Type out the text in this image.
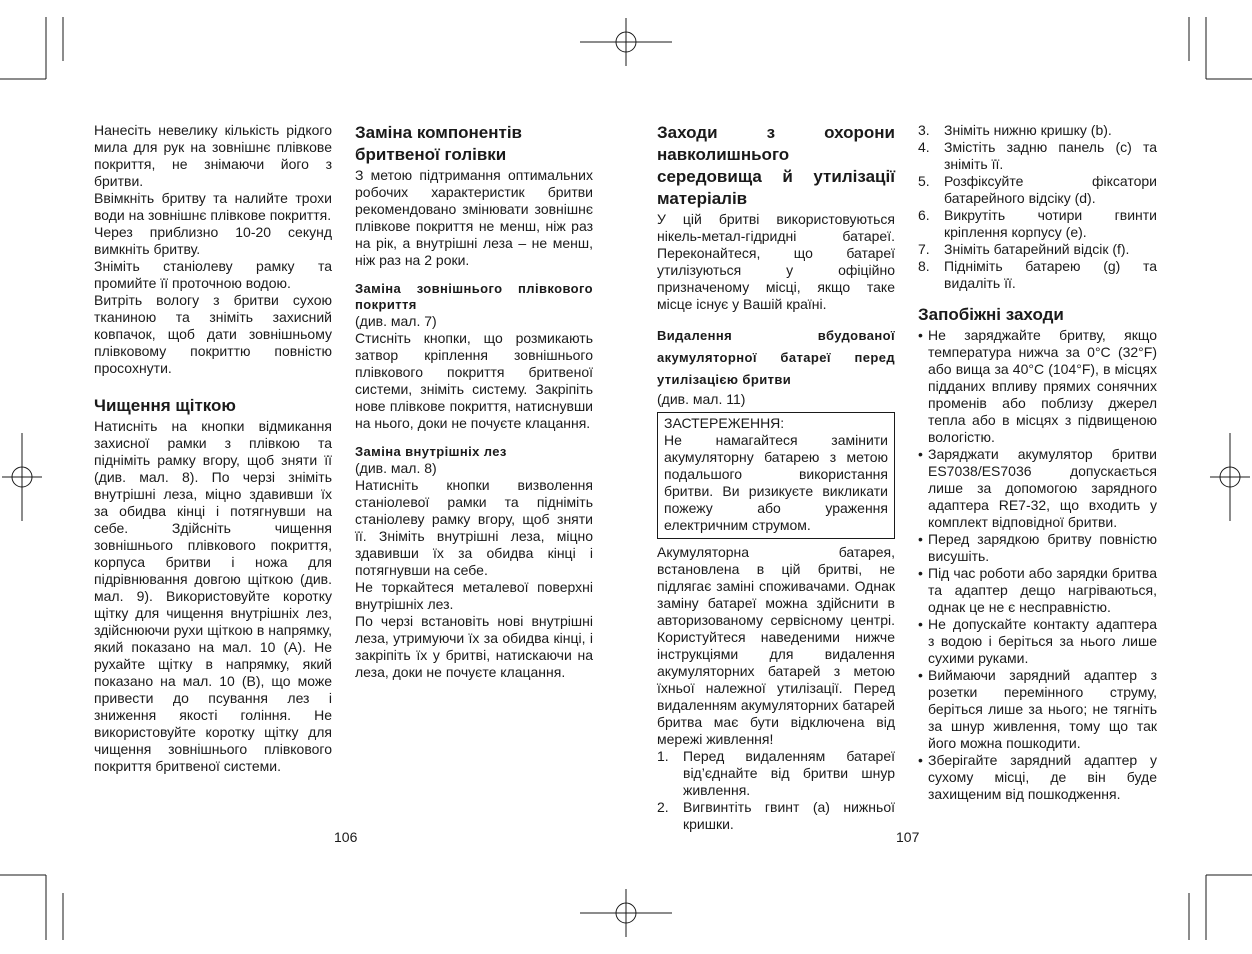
Нанесіть невелику кількість рідкого мила для рук на зовнішнє плівкове покриття, не знімаючи його з бритви.

Ввімкніть бритву та налийте трохи води на зовнішнє плівкове покриття.

Через приблизно 10-20 секунд вимкніть бритву.

Зніміть станіолеву рамку та промийте її проточною водою.

Витріть вологу з бритви сухою тканиною та зніміть захисний ковпачок, щоб дати зовнішньому плівковому покриттю повністю просохнути.

Чищення щіткою

Натисніть на кнопки відмикання захисної рамки з плівкою та підніміть рамку вгору, щоб зняти її (див. мал. 8). По черзі зніміть внутрішні леза, міцно здавивши їх за обидва кінці і потягнувши на себе. Здійсніть чищення зовнішнього плівкового покриття, корпуса бритви і ножа для підрівнювання довгою щіткою (див. мал. 9). Використовуйте коротку щітку для чищення внутрішніх лез, здійснюючи рухи щіткою в напрямку, який показано на мал. 10 (A). Не рухайте щітку в напрямку, який показано на мал. 10 (B), що може привести до псування лез і зниження якості гоління. Не використовуйте коротку щітку для чищення зовнішнього плівкового покриття бритвеної системи.

Заміна компонентів бритвеної голівки

З метою підтримання оптимальних робочих характеристик бритви рекомендовано змінювати зовнішнє плівкове покриття не менш, ніж раз на рік, а внутрішні леза – не менш, ніж раз на 2 роки.

Заміна зовнішнього плівкового покриття

(див. мал. 7)

Стисніть кнопки, що розмикають затвор кріплення зовнішнього плівкового покриття бритвеної системи, зніміть систему. Закріпіть нове плівкове покриття, натиснувши на нього, доки не почуєте клацання.

Заміна внутрішніх лез

(див. мал. 8)

Натисніть кнопки визволення станіолевої рамки та підніміть станіолеву рамку вгору, щоб зняти її. Зніміть внутрішні леза, міцно здавивши їх за обидва кінці і потягнувши на себе.

Не торкайтеся металевої поверхні внутрішніх лез.

По черзі встановіть нові внутрішні леза, утримуючи їх за обидва кінці, і закріпіть їх у бритві, натискаючи на леза, доки не почуєте клацання.

Заходи з охорони навколишнього середовища й утилізації матеріалів

У цій бритві використовуються нікель-метал-гідридні батареї. Переконайтеся, що батареї утилізуються у офіційно призначеному місці, якщо таке місце існує у Вашій країні.

Видалення вбудованої акумуляторної батареї перед утилізацією бритви

(див. мал. 11)

ЗАСТЕРЕЖЕННЯ:

Не намагайтеся замінити акумуляторну батарею з метою подальшого використання бритви. Ви ризикуєте викликати пожежу або ураження електричним струмом.

Акумуляторна батарея, встановлена в цій бритві, не підлягає заміні споживачами. Однак заміну батареї можна здійснити в авторизованому сервісному центрі. Користуйтеся наведеними нижче інструкціями для видалення акумуляторних батарей з метою їхньої належної утилізації. Перед видаленням акумуляторних батарей бритва має бути відключена від мережі живлення!

1.	Перед видаленням батареї від’єднайте від бритви шнур живлення.
2.	Вигвинтіть гвинт (a) нижньої кришки.
3.	Зніміть нижню кришку (b).
4.	Змістіть задню панель (c) та зніміть її.
5.	Розфіксуйте фіксатори батарейного відсіку (d).
6.	Викрутіть чотири гвинти кріплення корпусу (e).
7.	Зніміть батарейний відсік (f).
8.	Підніміть батарею (g) та видаліть її.
Запобіжні заходи
• Не заряджайте бритву, якщо температура нижча за 0°C (32°F) або вища за 40°C (104°F), в місцях підданих впливу прямих сонячних променів або поблизу джерел тепла або в місцях з підвищеною вологістю.
• Заряджати акумулятор бритви ES7038/ES7036 допускається лише за допомогою зарядного адаптера RE7-32, що входить у комплект відповідної бритви.
• Перед зарядкою бритву повністю висушіть.
• Під час роботи або зарядки бритва та адаптер дещо нагріваються, однак це не є несправністю.
• Не допускайте контакту адаптера з водою і беріться за нього лише сухими руками.
• Виймаючи зарядний адаптер з розетки перемінного струму, беріться лише за нього; не тягніть за шнур живлення, тому що так його можна пошкодити.
• Зберігайте зарядний адаптер у сухому місці, де він буде захищеним від пошкодження.
106	107
